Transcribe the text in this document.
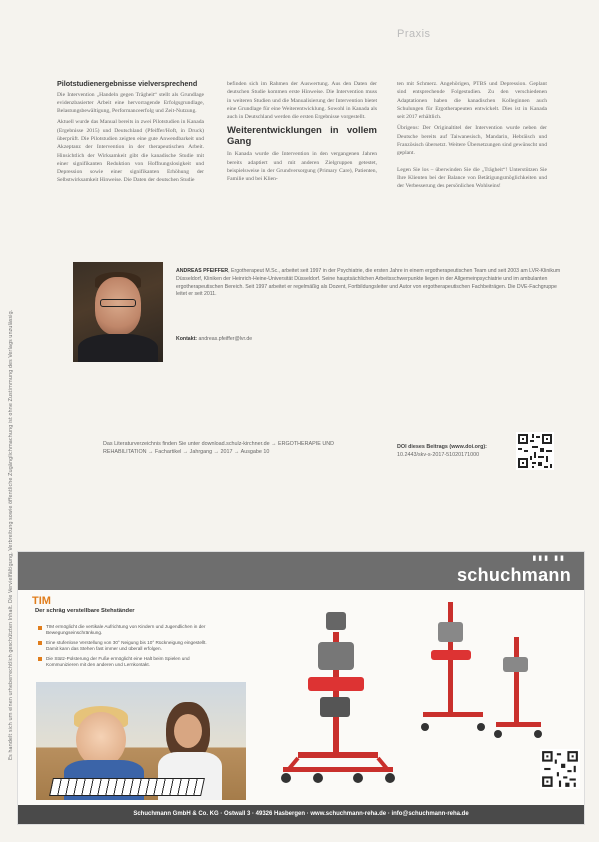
Es handelt sich um einen urheberrechtlich geschützten Inhalt. Die Vervielfältigung, Verbreitung sowie öffentliche Zugänglichmachung ist ohne Zustimmung des Verlags unzulässig.
Praxis
Pilotstudienergebnisse vielversprechend

Die Intervention „Handeln gegen Trägheit“ stellt als Grundlage evidenzbasierter Arbeit eine hervorragende Erfolgsgrundlage, Belastungsbewältigung, Performanceerfolg und Zeit-Nutzung.

Aktuell wurde das Manual bereits in zwei Pilotstudien in Kanada (Ergebnisse 2015) und Deutschland (Pfeiffer/Hoft, in Druck) überprüft. Die Pilotstudien zeigten eine gute Anwendbarkeit und Akzeptanz der Intervention in der therapeutischen Arbeit. Hinsichtlich der Wirksamkeit gibt die kanadische Studie mit einer signifikanten Reduktion von Hoffnungslosigkeit und Depression sowie einer signifikanten Erhöhung der Selbstwirksamkeit Hinweise. Die Daten der deutschen Studie

befinden sich im Rahmen der Auswertung. Aus den Daten der deutschen Studie kommen erste Hinweise. Die Intervention muss in weiteren Studien und die Manualisierung der Intervention bietet eine Grundlage für eine Weiterentwicklung. Sowohl in Kanada als auch in Deutschland werden die ersten Ergebnisse vorgestellt.

Weiterentwicklungen in vollem Gang

In Kanada wurde die Intervention in den vergangenen Jahren bereits adaptiert und mit anderen Zielgruppen getestet, beispielsweise in der Grundversorgung (Primary Care), Patienten, Familie und bei Klien-

ten mit Schmerz. Angehörigen, PTBS und Depression. Geplant sind entsprechende Folgestudien. Zu den verschiedenen Adaptationen haben die kanadischen Kolleginnen auch Schulungen für Ergotherapeuten entwickelt. Dies ist in Kanada seit 2017 erhältlich.

Übrigens: Der Originaltitel der Intervention wurde neben der Deutsche bereits auf Taiwanesisch, Mandarin, Hebräisch und Französisch übersetzt. Weitere Übersetzungen sind gewünscht und geplant.

Legen Sie los – überwinden Sie die „Trägheit“! Unterstützen Sie Ihre Klienten bei der Balance von Betätigungsmöglichkeiten und der Verbesserung des persönlichen Wohlseins!

ANDREAS PFEIFFER, Ergotherapeut M.Sc., arbeitet seit 1997 in der Psychiatrie, die ersten Jahre in einem ergotherapeutischen Team und seit 2003 am LVR-Klinikum Düsseldorf, Kliniken der Heinrich-Heine-Universität Düsseldorf. Seine hauptsächlichen Arbeitsschwerpunkte liegen in der Allgemeinpsychiatrie und im ambulanten ergotherapeutischen Bereich. Seit 1997 arbeitet er regelmäßig als Dozent, Fortbildungsleiter und Autor von ergotherapeutischen Fachbeiträgen. Die DVE-Fachgruppe leitet er seit 2011.
Kontakt: andreas.pfeiffer@lvr.de
Das Literaturverzeichnis finden Sie unter download.schulz-kirchner.de → ERGOTHERAPIE UND REHABILITATION → Fachartikel → Jahrgang → 2017 → Ausgabe 10
DOI dieses Beitrags (www.doi.org):
10.2443/skv-s-2017-51020171000
▮▮▮ ▮▮
schuchmann
TIM
Der schräg verstellbare Stehständer
TIM ermöglicht die vertikale Aufrichtung von Kindern und Jugendlichen in der Bewegungseinschränkung.
Eine stufenlose Verstellung von 30° Neigung bis 10° Rückneigung eingestellt. Damit kann das Stehen fast immer und überall erfolgen.
Die Stütz-Polsterung der Fuße ermöglicht eine Halt beim Spielen und Kommunizieren mit den anderen und Lernkontakt.
Schuchmann GmbH & Co. KG · Ostwall 3 · 49326 Hasbergen · www.schuchmann-reha.de · info@schuchmann-reha.de
